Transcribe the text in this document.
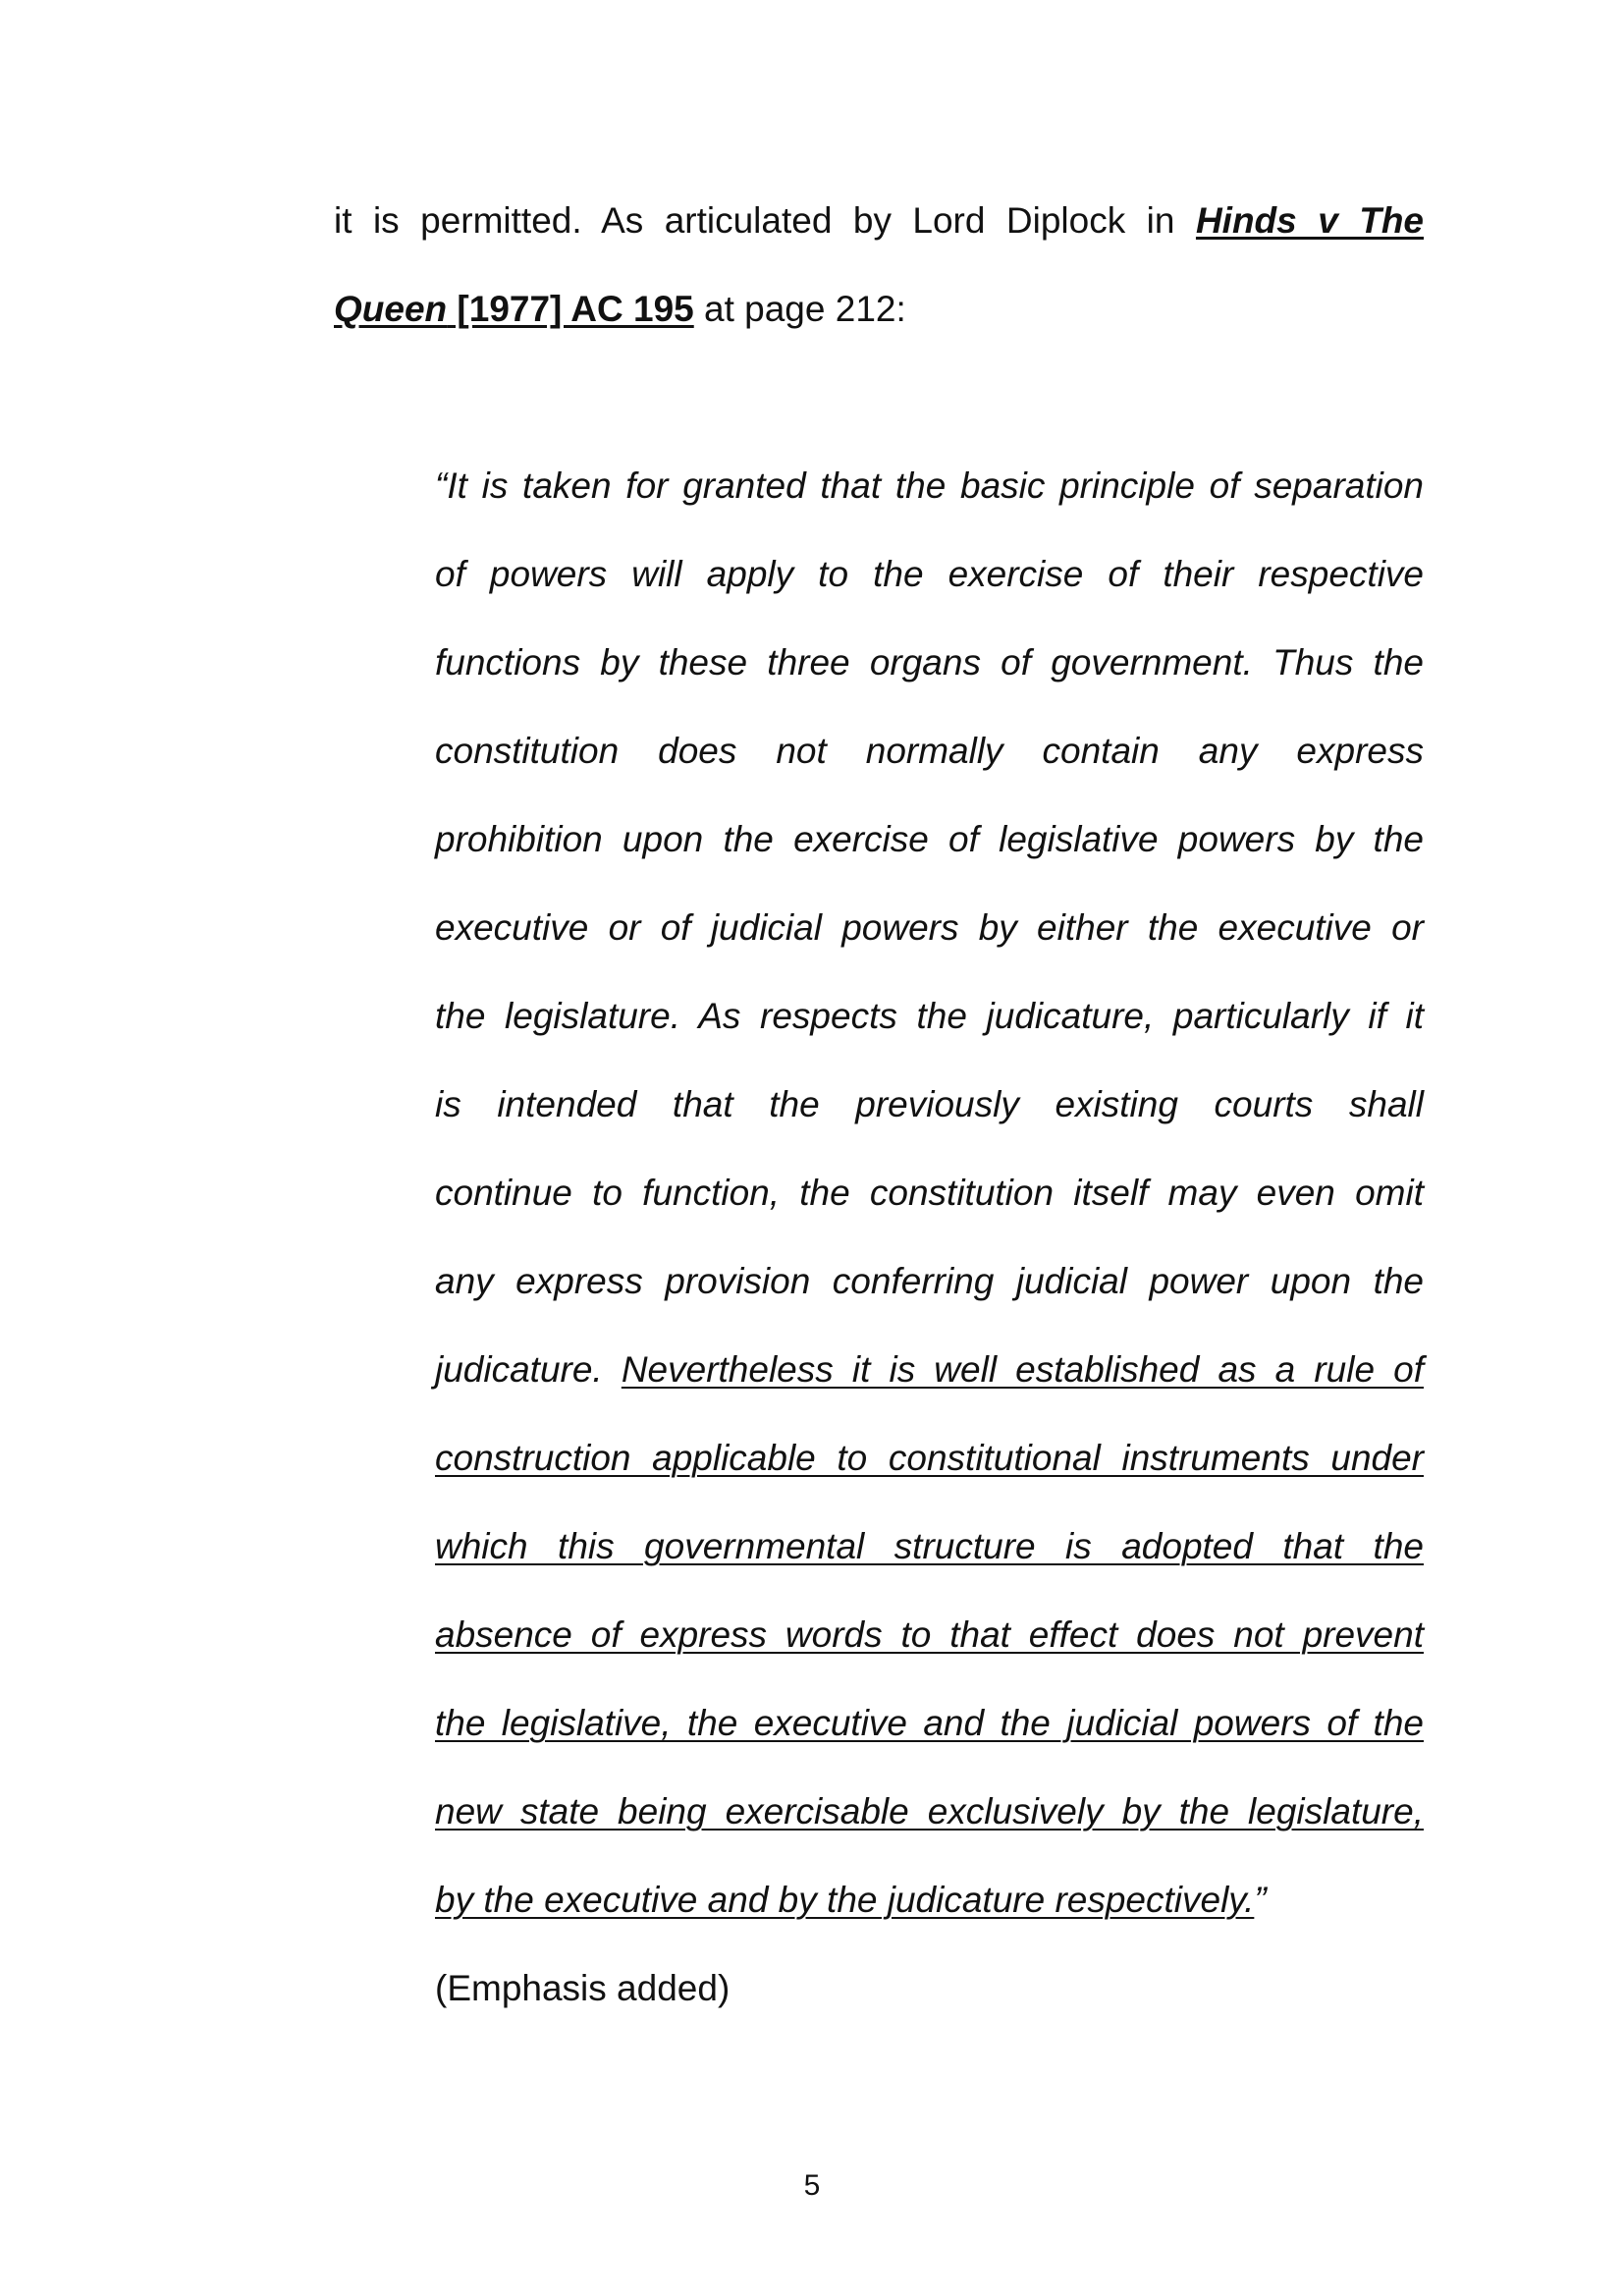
it is permitted. As articulated by Lord Diplock in Hinds v The
Queen [1977] AC 195 at page 212:
“It is taken for granted that the basic principle of separation
of powers will apply to the exercise of their respective
functions by these three organs of government. Thus the
constitution does not normally contain any express
prohibition upon the exercise of legislative powers by the
executive or of judicial powers by either the executive or
the legislature. As respects the judicature, particularly if it
is intended that the previously existing courts shall
continue to function, the constitution itself may even omit
any express provision conferring judicial power upon the
judicature. Nevertheless it is well established as a rule of
construction applicable to constitutional instruments under
which this governmental structure is adopted that the
absence of express words to that effect does not prevent
the legislative, the executive and the judicial powers of the
new state being exercisable exclusively by the legislature,
by the executive and by the judicature respectively.”
(Emphasis added)
5
